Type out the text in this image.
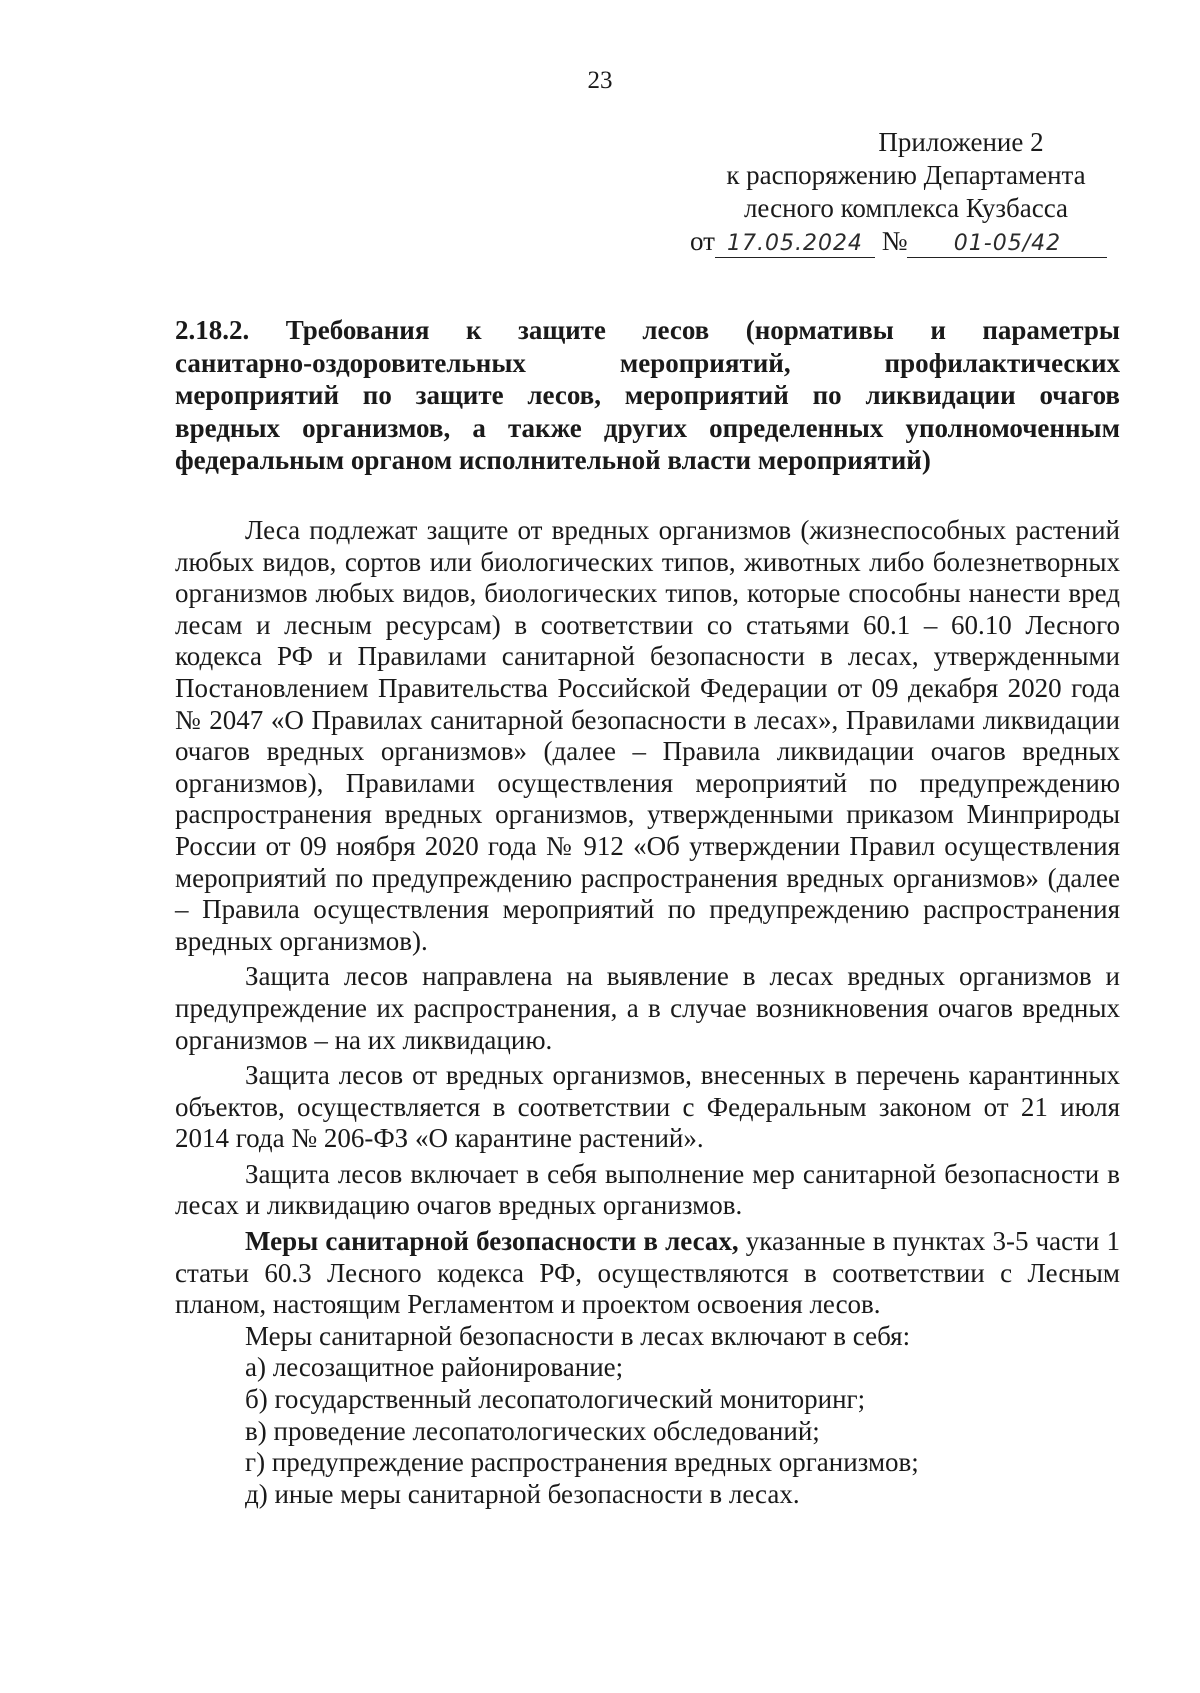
23
Приложение 2
к распоряжению Департамента
лесного комплекса Кузбасса
от 17.05.2024 № 01-05/42
2.18.2. Требования к защите лесов (нормативы и параметры
санитарно-оздоровительных мероприятий, профилактических
мероприятий по защите лесов, мероприятий по ликвидации очагов
вредных организмов, а также других определенных уполномоченным
федеральным органом исполнительной власти мероприятий)

Леса подлежат защите от вредных организмов (жизнеспособных растений любых видов, сортов или биологических типов, животных либо болезнетворных организмов любых видов, биологических типов, которые способны нанести вред лесам и лесным ресурсам) в соответствии со статьями 60.1 – 60.10 Лесного кодекса РФ и Правилами санитарной безопасности в лесах, утвержденными Постановлением Правительства Российской Федерации от 09 декабря 2020 года № 2047 «О Правилах санитарной безопасности в лесах», Правилами ликвидации очагов вредных организмов» (далее – Правила ликвидации очагов вредных организмов), Правилами осуществления мероприятий по предупреждению распространения вредных организмов, утвержденными приказом Минприроды России от 09 ноября 2020 года № 912 «Об утверждении Правил осуществления мероприятий по предупреждению распространения вредных организмов» (далее – Правила осуществления мероприятий по предупреждению распространения вредных организмов).

Защита лесов направлена на выявление в лесах вредных организмов и предупреждение их распространения, а в случае возникновения очагов вредных организмов – на их ликвидацию.

Защита лесов от вредных организмов, внесенных в перечень карантинных объектов, осуществляется в соответствии с Федеральным законом от 21 июля 2014 года № 206-ФЗ «О карантине растений».

Защита лесов включает в себя выполнение мер санитарной безопасности в лесах и ликвидацию очагов вредных организмов.

Меры санитарной безопасности в лесах, указанные в пунктах 3-5 части 1 статьи 60.3 Лесного кодекса РФ, осуществляются в соответствии с Лесным планом, настоящим Регламентом и проектом освоения лесов.

Меры санитарной безопасности в лесах включают в себя:

а) лесозащитное районирование;

б) государственный лесопатологический мониторинг;

в) проведение лесопатологических обследований;

г) предупреждение распространения вредных организмов;

д) иные меры санитарной безопасности в лесах.
